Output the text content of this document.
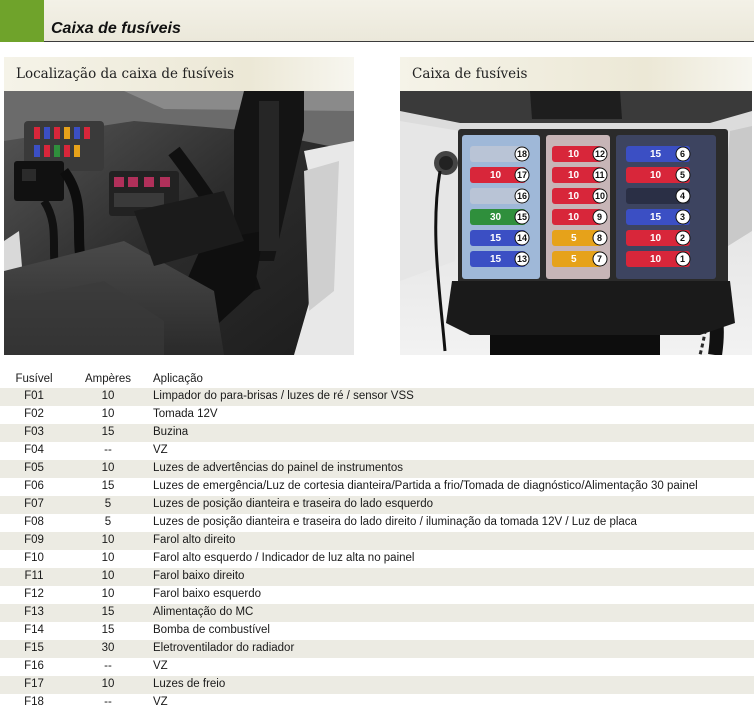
Caixa de fusíveis
Localização da caixa de fusíveis	Caixa de fusíveis
10
30
15
15
18
17
16
15
14
13
10
10
10
10
5
5
12
11
10
9
8
7
15
10
15
10
10
6
5
4
3
2
1
Fusível	Ampères	Aplicação
F01	10	Limpador do para-brisas / luzes de ré / sensor VSS
F02	10	Tomada 12V
F03	15	Buzina
F04	--	VZ
F05	10	Luzes de advertências do painel de instrumentos
F06	15	Luzes de emergência/Luz de cortesia dianteira/Partida a frio/Tomada de diagnóstico/Alimentação 30 painel
F07	5	Luzes de posição dianteira e traseira do lado esquerdo
F08	5	Luzes de posição dianteira e traseira do lado direito / iluminação da tomada 12V / Luz de placa
F09	10	Farol alto direito
F10	10	Farol alto esquerdo / Indicador de luz alta no painel
F11	10	Farol baixo direito
F12	10	Farol baixo esquerdo
F13	15	Alimentação do MC
F14	15	Bomba de combustível
F15	30	Eletroventilador do radiador
F16	--	VZ
F17	10	Luzes de freio
F18	--	VZ
